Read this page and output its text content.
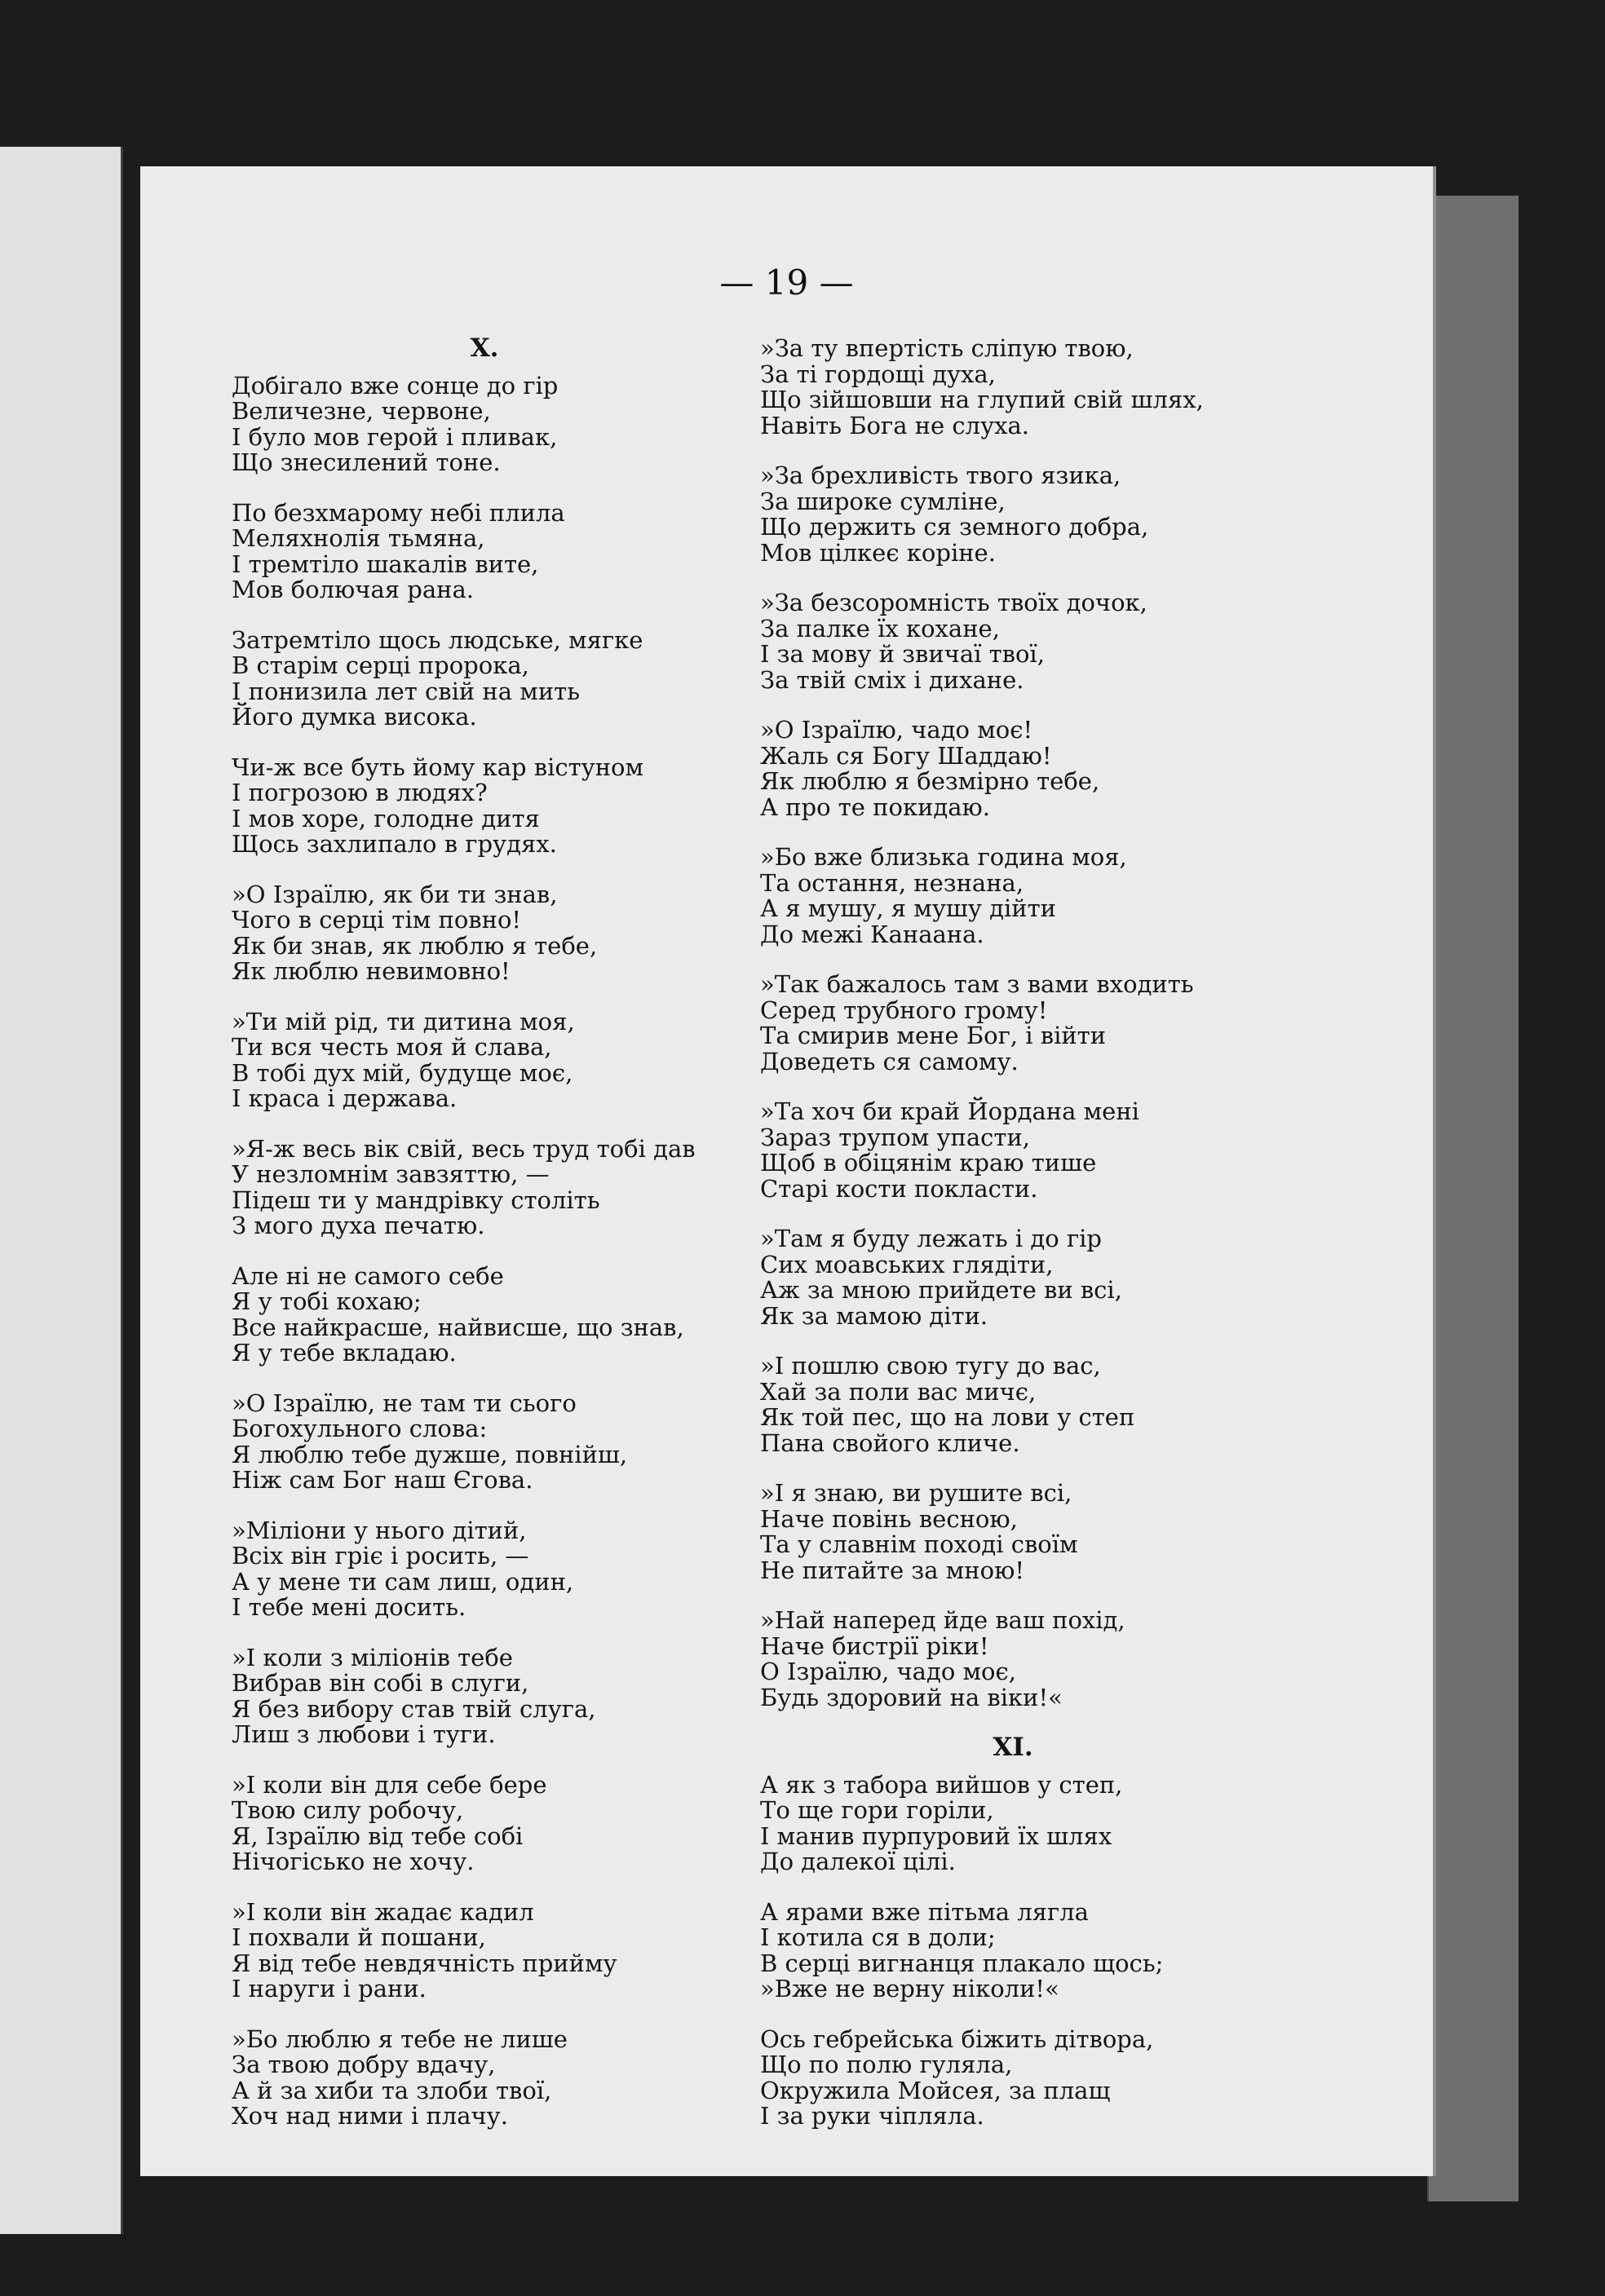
— 19 —
X.
Добігало вже сонце до гір
Величезне, червоне,
І було мов герой і пливак,
Що знесилений тоне.
По безхмарому небі плила
Меляхнолія тьмяна,
І тремтіло шакалів вите,
Мов болючая рана.
Затремтіло щось людське, мягке
В старім серці пророка,
І понизила лет свій на мить
Його думка висока.
Чи-ж все буть йому кар вістуном
І погрозою в людях?
І мов хоре, голодне дитя
Щось захлипало в грудях.
»О Ізраїлю, як би ти знав,
Чого в серці тім повно!
Як би знав, як люблю я тебе,
Як люблю невимовно!
»Ти мій рід, ти дитина моя,
Ти вся честь моя й слава,
В тобі дух мій, будуще моє,
І краса і держава.
»Я-ж весь вік свій, весь труд тобі дав
У незломнім завзяттю, —
Підеш ти у мандрівку століть
З мого духа печатю.
Але ні не самого себе
Я у тобі кохаю;
Все найкрасше, найвисше, що знав,
Я у тебе вкладаю.
»О Ізраїлю, не там ти сього
Богохульного слова:
Я люблю тебе дужше, повнійш,
Ніж сам Бог наш Єгова.
»Міліони у нього дітий,
Всіх він гріє і росить, —
А у мене ти сам лиш, один,
І тебе мені досить.
»І коли з міліонів тебе
Вибрав він собі в слуги,
Я без вибору став твій слуга,
Лиш з любови і туги.
»І коли він для себе бере
Твою силу робочу,
Я, Ізраїлю від тебе собі
Нічогісько не хочу.
»І коли він жадає кадил
І похвали й пошани,
Я від тебе невдячність прийму
І наруги і рани.
»Бо люблю я тебе не лише
За твою добру вдачу,
А й за хиби та злоби твої,
Хоч над ними і плачу.
»За ту впертість сліпую твою,
За ті гордощі духа,
Що зійшовши на глупий свій шлях,
Навіть Бога не слуха.
»За брехливість твого язика,
За широке сумліне,
Що держить ся земного добра,
Мов цілкеє коріне.
»За безсоромність твоїх дочок,
За палке їх кохане,
І за мову й звичаї твої,
За твій сміх і дихане.
»О Ізраїлю, чадо моє!
Жаль ся Богу Шаддаю!
Як люблю я безмірно тебе,
А про те покидаю.
»Бо вже близька година моя,
Та остання, незнана,
А я мушу, я мушу дійти
До межі Канаана.
»Так бажалось там з вами входить
Серед трубного грому!
Та смирив мене Бог, і війти
Доведеть ся самому.
»Та хоч би край Йордана мені
Зараз трупом упасти,
Щоб в обіцянім краю тише
Старі кости покласти.
»Там я буду лежать і до гір
Сих моавських глядіти,
Аж за мною прийдете ви всі,
Як за мамою діти.
»І пошлю свою тугу до вас,
Хай за поли вас мичє,
Як той пес, що на лови у степ
Пана свойого кличе.
»І я знаю, ви рушите всі,
Наче повінь весною,
Та у славнім поході своїм
Не питайте за мною!
»Най наперед йде ваш похід,
Наче бистрії ріки!
О Ізраїлю, чадо моє,
Будь здоровий на віки!«
XI.
А як з табора вийшов у степ,
То ще гори горіли,
І манив пурпуровий їх шлях
До далекої цілі.
А ярами вже пітьма лягла
І котила ся в доли;
В серці вигнанця плакало щось;
»Вже не верну ніколи!«
Ось гебрейська біжить дітвора,
Що по полю гуляла,
Окружила Мойсея, за плащ
І за руки чіпляла.
